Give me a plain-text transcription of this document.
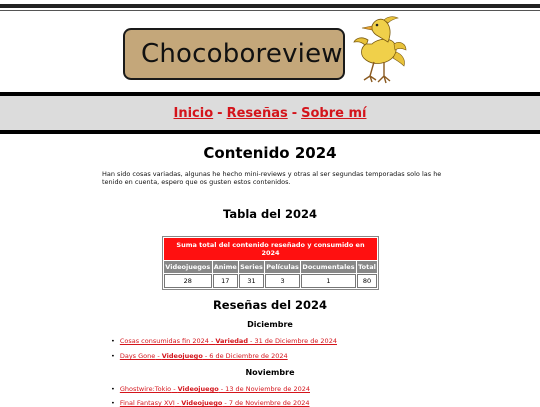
Chocoboreview
Inicio - Reseñas - Sobre mí
Contenido 2024
Han sido cosas variadas, algunas he hecho mini-reviews y otras al ser segundas temporadas solo las he tenido en cuenta, espero que os gusten estos contenidos.
Tabla del 2024
Suma total del contenido reseñado y consumido en 2024					
Videojuegos	Anime	Series	Películas	Documentales	Total
28	17	31	3	1	80
Reseñas del 2024
Diciembre
• Cosas consumidas fin 2024 - Variedad - 31 de Diciembre de 2024
• Days Gone - Videojuego - 6 de Diciembre de 2024
Noviembre
• Ghostwire:Tokio - Videojuego - 13 de Noviembre de 2024
• Final Fantasy XVI - Videojuego - 7 de Noviembre de 2024
